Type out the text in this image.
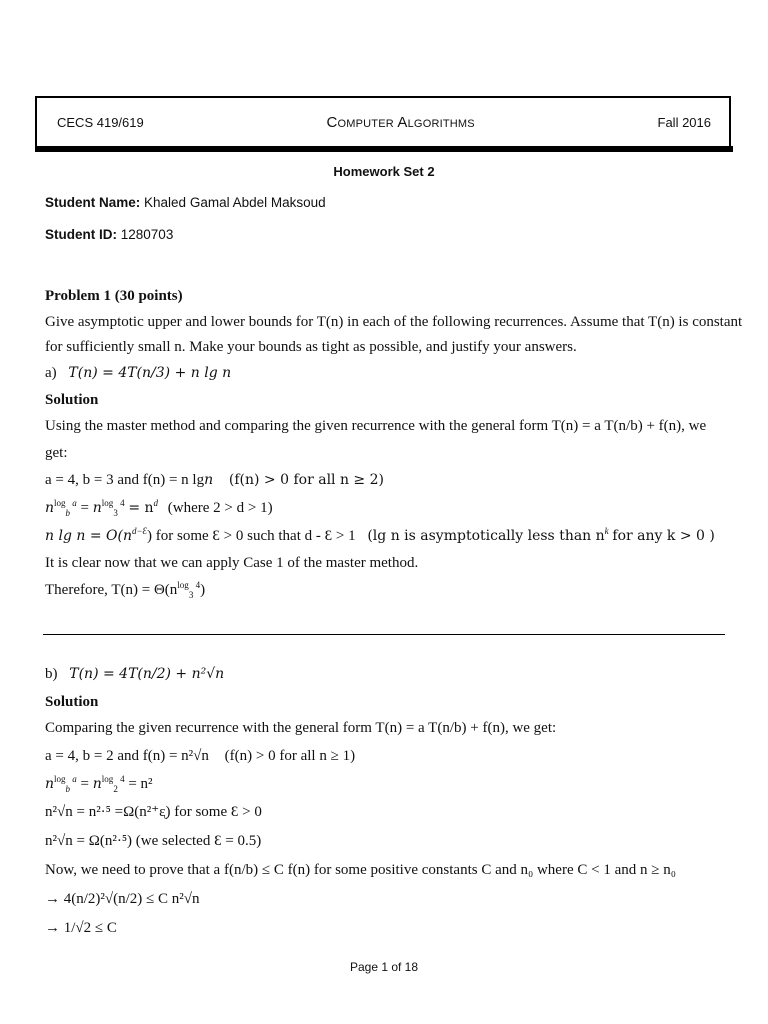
CECS 419/619	Computer Algorithms	Fall 2016
Homework Set 2
Student Name: Khaled Gamal Abdel Maksoud
Student ID: 1280703
Problem 1 (30 points)
Give asymptotic upper and lower bounds for T(n) in each of the following recurrences. Assume that T(n) is constant
for sufficiently small n. Make your bounds as tight as possible, and justify your answers.
a) T(n) = 4T(n/3) + n lg n
Solution
Using the master method and comparing the given recurrence with the general form T(n) = a T(n/b) + f(n), we
get:
a = 4, b = 3 and f(n) = n lgn (f(n) > 0 for all n ≥ 2)
$n^{log}_b$ $^a = n^{log}_3$ $^4 = n^d$ (where 2 > d > 1)
n $\lg n = O(n^{d-Ɛ})$ for some Ɛ > 0 such that d - Ɛ > 1 (lg n is asymptotically less than $n^k$ for any k > 0 )
It is clear now that we can apply Case 1 of the master method.
Therefore, $T(n) = \Theta(n^{log}_3$ $^4$)
b) T(n) = 4T(n/2) + n²√n
Solution
Comparing the given recurrence with the general form T(n) = a T(n/b) + f(n), we get:
a = 4, b = 2 and f(n) = n²√n (f(n) > 0 for all n ≥ 1)
$n^{log}_b$ $^a = n^{log}_2$ $^4$ = n²
n²√n = n²·⁵ =Ω(n²⁺ᶓ) for some Ɛ > 0
n²√n = Ω(n²·⁵) (we selected Ɛ = 0.5)
Now, we need to prove that a f(n/b) ≤ C f(n) for some positive constants C and n₀ where C < 1 and n ≥ n₀
→ 4(n/2)²√(n/2) ≤ C n²√n
→ 1/√2 ≤ C
Page 1 of 18
